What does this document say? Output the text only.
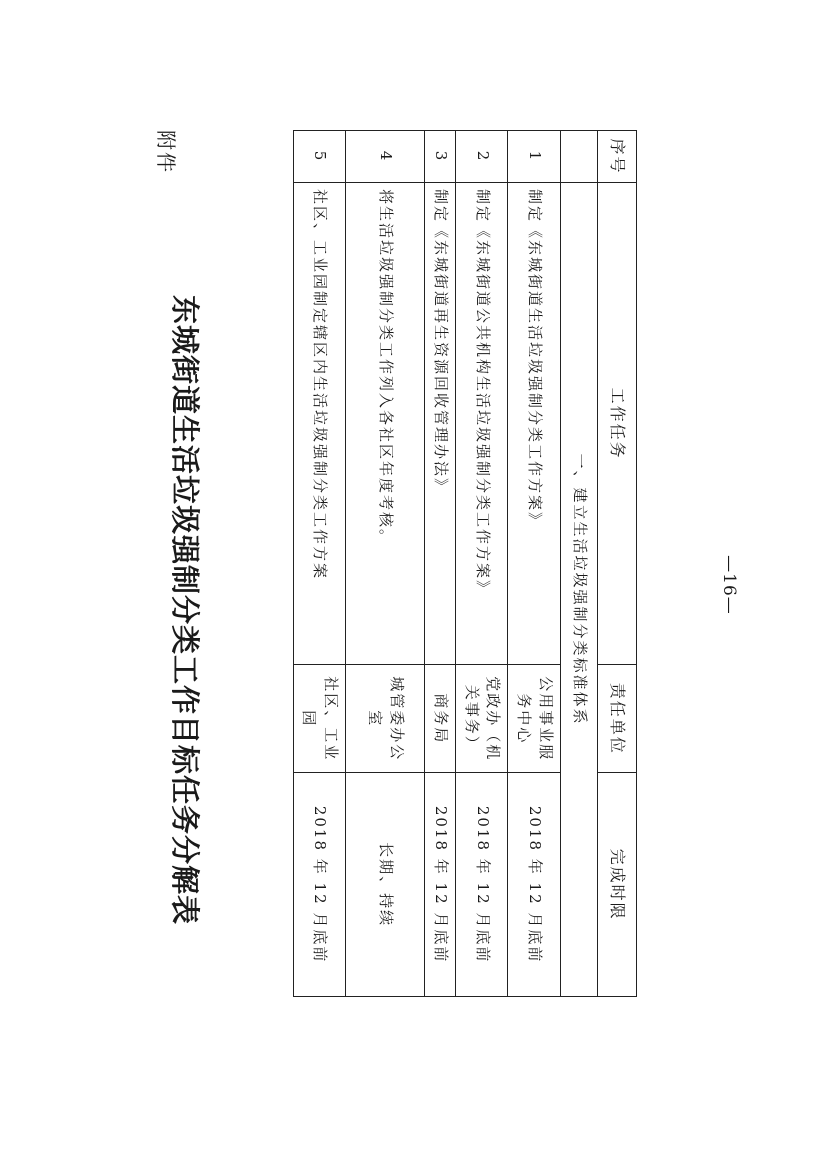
东城街道生活垃圾强制分类工作目标任务分解表
附件	序号	工作任务	责任单位	完成时限
	一、建立生活垃圾强制分类标准体系		
1	制定《东城街道生活垃圾强制分类工作方案》	公用事业服务中心	2018 年 12 月底前
2	制定《东城街道公共机构生活垃圾强制分类工作方案》	党政办（机关事务）	2018 年 12 月底前
3	制定《东城街道再生资源回收管理办法》	商务局	2018 年 12 月底前
4	将生活垃圾强制分类工作列入各社区年度考核。	城管委办公室	长期、持续
5	社区、工业园制定辖区内生活垃圾强制分类工作方案	社区、工业园	2018 年 12 月底前
—16—
